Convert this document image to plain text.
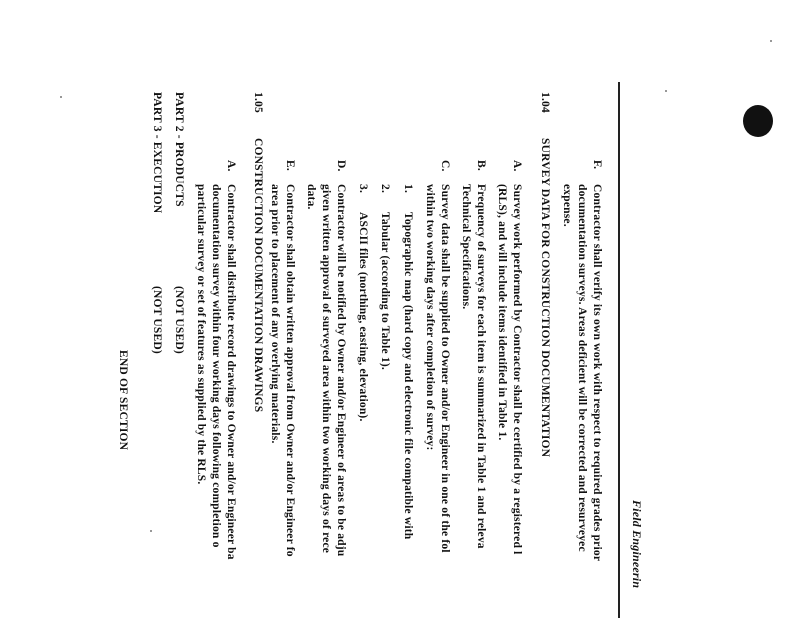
Field Engineerin
F.
Contractor shall verify its own work with respect to required grades prior
documentation surveys. Areas deficient will be corrected and resurveyec
expense.
1.04
SURVEY DATA FOR CONSTRUCTION DOCUMENTATION
A.
Survey work performed by Contractor shall be certified by a registered l
(RLS), and will include items identified in Table 1.
B.
Frequency of surveys for each item is summarized in Table 1 and releva
Technical Specifications.
C.
Survey data shall be supplied to Owner and/or Engineer in one of the fol
within two working days after completion of survey:
1.
Topographic map (hard copy and electronic file compatible with
2.
Tabular (according to Table 1).
3.
ASCII files (northing, easting, elevation).
D.
Contractor will be notified by Owner and/or Engineer of areas to be adju
given written approval of surveyed area within two working days of rece
data.
E.
Contractor shall obtain written approval from Owner and/or Engineer fo
area prior to placement of any overlying materials.
1.05
CONSTRUCTION DOCUMENTATION DRAWINGS
A.
Contractor shall distribute record drawings to Owner and/or Engineer ba
documentation survey within four working days following completion o
particular survey or set of features as supplied by the RLS.
PART 2 - PRODUCTS
(NOT USED)
PART 3 - EXECUTION
(NOT USED)
END OF SECTION
